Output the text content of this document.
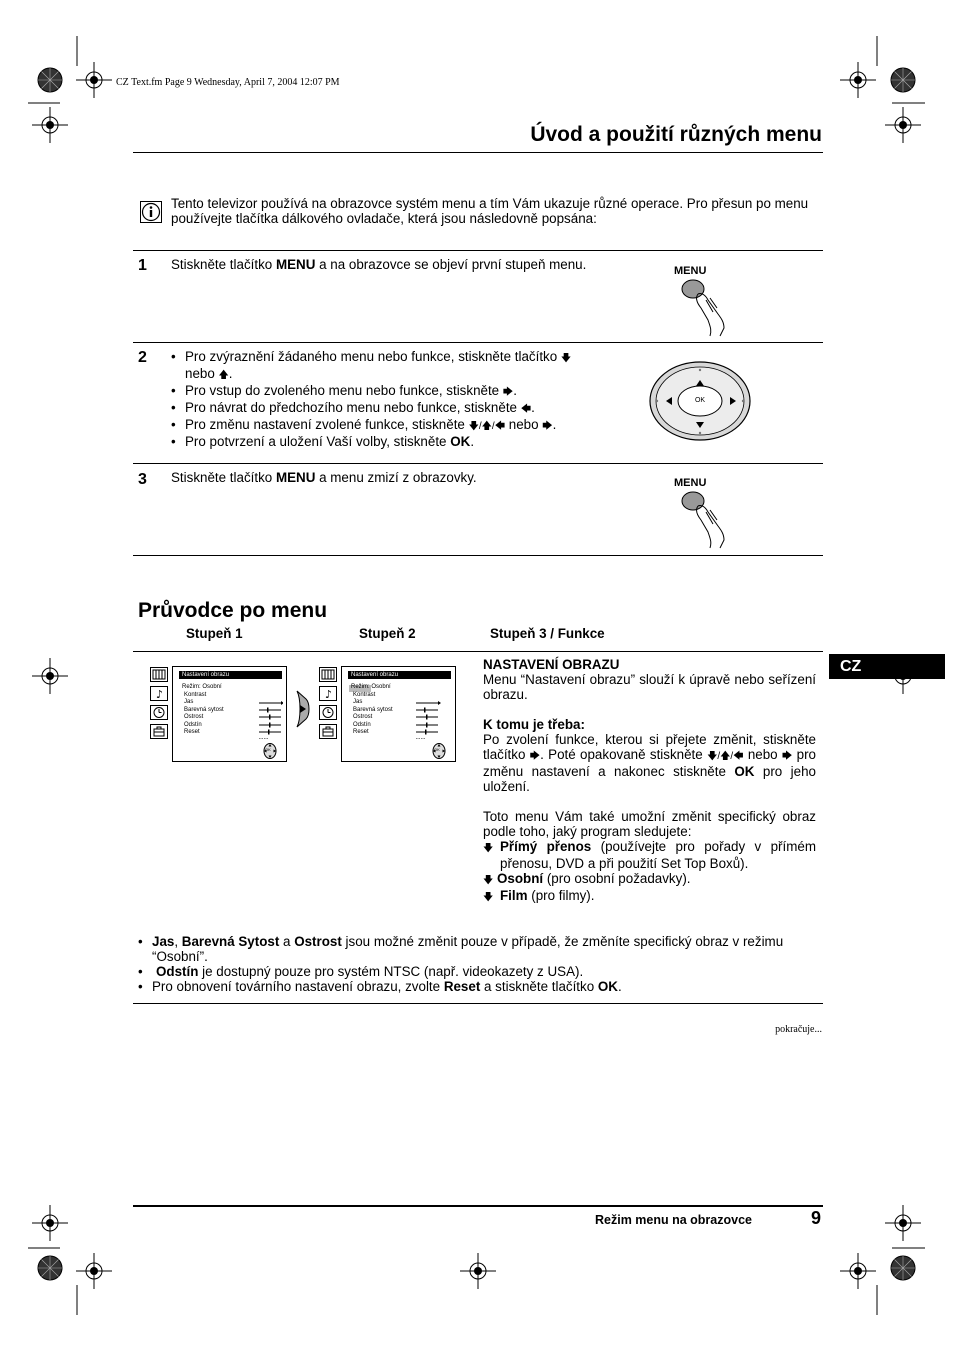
CZ Text.fm Page 9 Wednesday, April 7, 2004 12:07 PM
Úvod a použití různých menu
Tento televizor používá na obrazovce systém menu a tím Vám ukazuje různé operace. Pro přesun po menu používejte tlačítka dálkového ovladače, která jsou následovně popsána:
1 Stiskněte tlačítko MENU a na obrazovce se objeví první stupeň menu.	MENU
2
•	Pro zvýraznění žádaného menu nebo funkce, stiskněte tlačítko 🡇 nebo 🡅.
• Pro vstup do zvoleného menu nebo funkce, stiskněte 🡆.
• Pro návrat do předchozího menu nebo funkce, stiskněte 🡄.
• Pro změnu nastavení zvolené funkce, stiskněte 🡇/🡅/🡄 nebo 🡆.
• Pro potvrzení a uložení Vaší volby, stiskněte OK.
OK
3 Stiskněte tlačítko MENU a menu zmizí z obrazovky.	MENU
Průvodce po menu
Stupeň 1	Stupeň 2	Stupeň 3 / Funkce
♪
Nastavení obrazu
Režim: Osobní
Kontrast
Jas
Barevná sytost
Ostrost
Odstín
Reset
OK
♪
Nastavení obrazu
Režim: Osobní
Kontrast
Jas
Barevná sytost
Ostrost
Odstín
Reset
OK
NASTAVENÍ OBRAZU
Menu “Nastavení obrazu” slouží k úpravě nebo seřízení obrazu.
K tomu je třeba:
Po zvolení funkce, kterou si přejete změnit, stiskněte tlačítko 🡆. Poté opakovaně stiskněte 🡇/🡅/🡄 nebo 🡆 pro změnu nastavení a nakonec stiskněte OK pro jeho uložení.
Toto menu Vám také umožní změnit specifický obraz podle toho, jaký program sledujete:
🡇 Přímý přenos (používejte pro pořady v přímém přenosu, DVD a při použití Set Top Boxů).
🡇 Osobní (pro osobní požadavky).
🡇 Film (pro filmy).
• Jas, Barevná Sytost a Ostrost jsou možné změnit pouze v případě, že změníte specifický obraz v režimu “Osobní”.
• Odstín je dostupný pouze pro systém NTSC (např. videokazety z USA).
• Pro obnovení továrního nastavení obrazu, zvolte Reset a stiskněte tlačítko OK.
pokračuje...
CZ
Režim menu na obrazovce	9
